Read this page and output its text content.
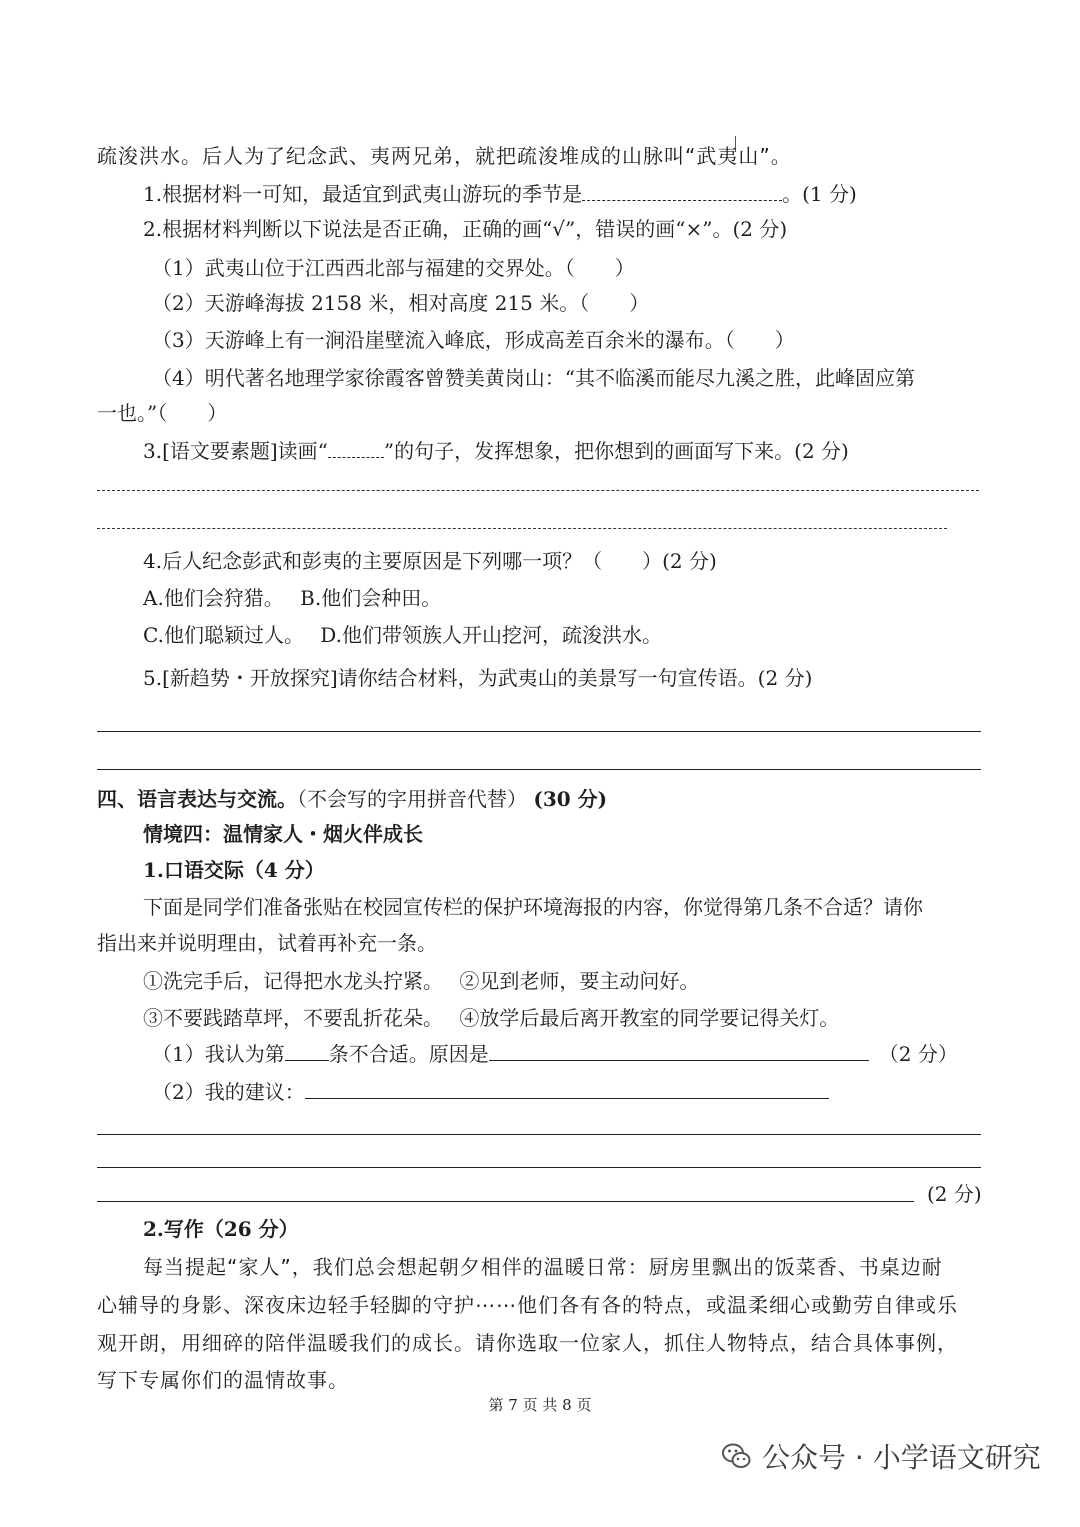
疏浚洪水。后人为了纪念武、夷两兄弟，就把疏浚堆成的山脉叫“武夷山”。
1.根据材料一可知，最适宜到武夷山游玩的季节是	。(1 分)
2.根据材料判断以下说法是否正确，正确的画“√”，错误的画“×”。(2 分)
（1）武夷山位于江西西北部与福建的交界处。（　　）
（2）天游峰海拔 2158 米，相对高度 215 米。（　　）
（3）天游峰上有一涧沿崖壁流入峰底，形成高差百余米的瀑布。（　　）
（4）明代著名地理学家徐霞客曾赞美黄岗山：“其不临溪而能尽九溪之胜，此峰固应第
一也。”（　　）
3.[语文要素题]读画“	”的句子，发挥想象，把你想到的画面写下来。(2 分)
4.后人纪念彭武和彭夷的主要原因是下列哪一项？（　　）(2 分)
A.他们会狩猎。　 B.他们会种田。
C.他们聪颖过人。　 D.他们带领族人开山挖河，疏浚洪水。
5.[新趋势・开放探究]请你结合材料，为武夷山的美景写一句宣传语。(2 分)
四、语言表达与交流。（不会写的字用拼音代替） (30 分)
情境四：温情家人・烟火伴成长
1.口语交际（4 分）
下面是同学们准备张贴在校园宣传栏的保护环境海报的内容，你觉得第几条不合适？请你
指出来并说明理由，试着再补充一条。
①洗完手后，记得把水龙头拧紧。　 ②见到老师，要主动问好。
③不要践踏草坪，不要乱折花朵。　 ④放学后最后离开教室的同学要记得关灯。
（1）我认为第 条不合适。原因是	（2 分）
（2）我的建议：
(2 分)
2.写作（26 分）
每当提起“家人”，我们总会想起朝夕相伴的温暖日常：厨房里飘出的饭菜香、书桌边耐
心辅导的身影、深夜床边轻手轻脚的守护⋯⋯他们各有各的特点，或温柔细心或勤劳自律或乐
观开朗，用细碎的陪伴温暖我们的成长。请你选取一位家人，抓住人物特点，结合具体事例，
写下专属你们的温情故事。
第 7 页 共 8 页
公众号 · 小学语文研究
